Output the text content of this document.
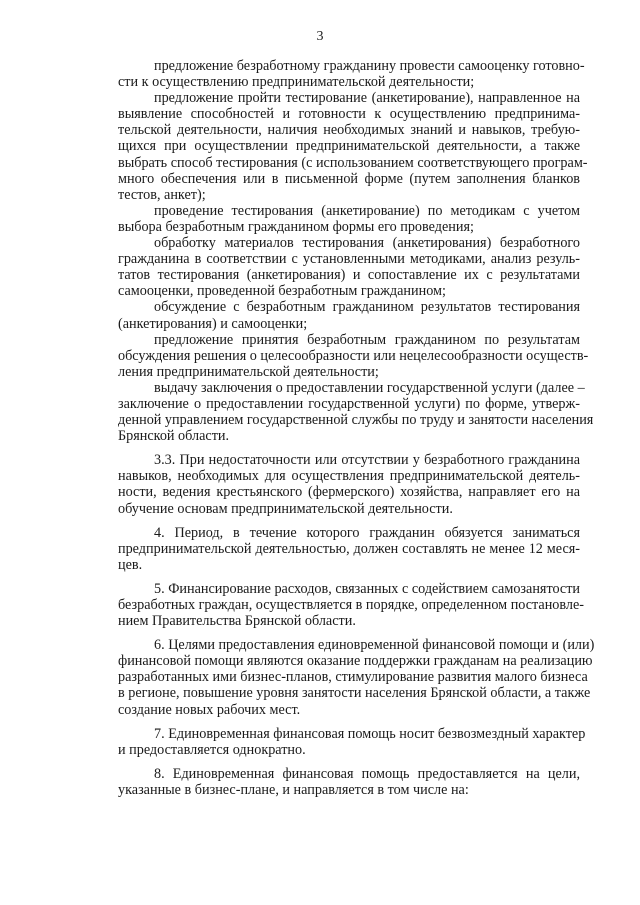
3

предложение безработному гражданину провести самооценку готовно-
сти к осуществлению предпринимательской деятельности;

предложение пройти тестирование (анкетирование), направленное на
выявление способностей и готовности к осуществлению предпринима-
тельской деятельности, наличия необходимых знаний и навыков, требую-
щихся при осуществлении предпринимательской деятельности, а также
выбрать способ тестирования (с использованием соответствующего програм-
много обеспечения или в письменной форме (путем заполнения бланков
тестов, анкет);

проведение тестирования (анкетирование) по методикам с учетом
выбора безработным гражданином формы его проведения;

обработку материалов тестирования (анкетирования) безработного
гражданина в соответствии с установленными методиками, анализ резуль-
татов тестирования (анкетирования) и сопоставление их с результатами
самооценки, проведенной безработным гражданином;

обсуждение с безработным гражданином результатов тестирования
(анкетирования) и самооценки;

предложение принятия безработным гражданином по результатам
обсуждения решения о целесообразности или нецелесообразности осуществ-
ления предпринимательской деятельности;

выдачу заключения о предоставлении государственной услуги (далее –
заключение о предоставлении государственной услуги) по форме, утверж-
денной управлением государственной службы по труду и занятости населения
Брянской области.

3.3. При недостаточности или отсутствии у безработного гражданина
навыков, необходимых для осуществления предпринимательской деятель-
ности, ведения крестьянского (фермерского) хозяйства, направляет его на
обучение основам предпринимательской деятельности.

4. Период, в течение которого гражданин обязуется заниматься
предпринимательской деятельностью, должен составлять не менее 12 меся-
цев.

5. Финансирование расходов, связанных с содействием самозанятости
безработных граждан, осуществляется в порядке, определенном постановле-
нием Правительства Брянской области.

6. Целями предоставления единовременной финансовой помощи и (или)
финансовой помощи являются оказание поддержки гражданам на реализацию
разработанных ими бизнес-планов, стимулирование развития малого бизнеса
в регионе, повышение уровня занятости населения Брянской области, а также
создание новых рабочих мест.

7. Единовременная финансовая помощь носит безвозмездный характер
и предоставляется однократно.

8. Единовременная финансовая помощь предоставляется на цели,
указанные в бизнес-плане, и направляется в том числе на:
